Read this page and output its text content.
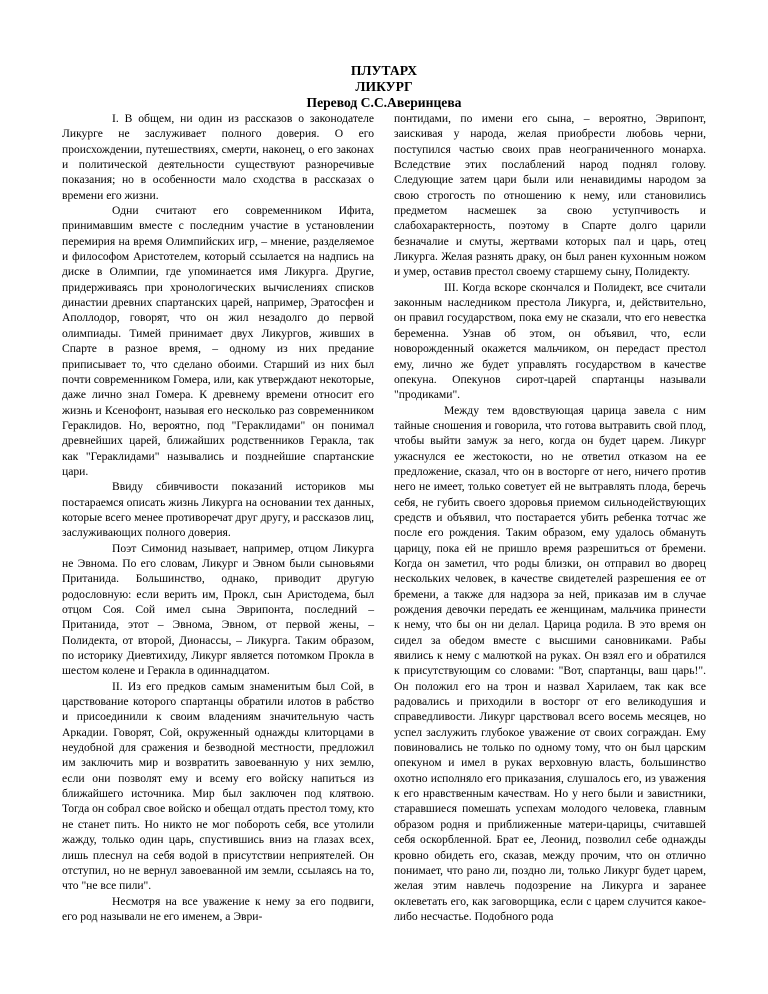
ПЛУТАРХ
ЛИКУРГ
Перевод С.С.Аверинцева

I. В общем, ни один из рассказов о законодателе Ликурге не заслуживает полного доверия. О его происхождении, путешествиях, смерти, наконец, о его законах и политической деятельности существуют разноречивые показания; но в особенности мало сходства в рассказах о времени его жизни.

Одни считают его современником Ифита, принимавшим вместе с последним участие в установлении перемирия на время Олимпийских игр, – мнение, разделяемое и философом Аристотелем, который ссылается на надпись на диске в Олимпии, где упоминается имя Ликурга. Другие, придерживаясь при хронологических вычислениях списков династии древних спартанских царей, например, Эратосфен и Аполлодор, говорят, что он жил незадолго до первой олимпиады. Тимей принимает двух Ликургов, живших в Спарте в разное время, – одному из них предание приписывает то, что сделано обоими. Старший из них был почти современником Гомера, или, как утверждают некоторые, даже лично знал Гомера. К древнему времени относит его жизнь и Ксенофонт, называя его несколько раз современником Гераклидов. Но, вероятно, под "Гераклидами" он понимал древнейших царей, ближайших родственников Геракла, так как "Гераклидами" назывались и позднейшие спартанские цари.

Ввиду сбивчивости показаний историков мы постараемся описать жизнь Ликурга на основании тех данных, которые всего менее противоречат друг другу, и рассказов лиц, заслуживающих полного доверия.

Поэт Симонид называет, например, отцом Ликурга не Эвнома. По его словам, Ликург и Эвном были сыновьями Пританида. Большинство, однако, приводит другую родословную: если верить им, Прокл, сын Аристодема, был отцом Соя. Сой имел сына Эврипонта, последний – Пританида, этот – Эвнома, Эвном, от первой жены, – Полидекта, от второй, Дионассы, – Ликурга. Таким образом, по историку Диевтихиду, Ликург является потомком Прокла в шестом колене и Геракла в одиннадцатом.

II. Из его предков самым знаменитым был Сой, в царствование которого спартанцы обратили илотов в рабство и присоединили к своим владениям значительную часть Аркадии. Говорят, Сой, окруженный однажды клиторцами в неудобной для сражения и безводной местности, предложил им заключить мир и возвратить завоеванную у них землю, если они позволят ему и всему его войску напиться из ближайшего источника. Мир был заключен под клятвою. Тогда он собрал свое войско и обещал отдать престол тому, кто не станет пить. Но никто не мог побороть себя, все утолили жажду, только один царь, спустившись вниз на глазах всех, лишь плеснул на себя водой в присутствии неприятелей. Он отступил, но не вернул завоеванной им земли, ссылаясь на то, что "не все пили".

Несмотря на все уважение к нему за его подвиги, его род называли не его именем, а Эври-

понтидами, по имени его сына, – вероятно, Эврипонт, заискивая у народа, желая приобрести любовь черни, поступился частью своих прав неограниченного монарха. Вследствие этих послаблений народ поднял голову. Следующие затем цари были или ненавидимы народом за свою строгость по отношению к нему, или становились предметом насмешек за свою уступчивость и слабохарактерность, поэтому в Спарте долго царили безначалие и смуты, жертвами которых пал и царь, отец Ликурга. Желая разнять драку, он был ранен кухонным ножом и умер, оставив престол своему старшему сыну, Полидекту.

III. Когда вскоре скончался и Полидект, все считали законным наследником престола Ликурга, и, действительно, он правил государством, пока ему не сказали, что его невестка беременна. Узнав об этом, он объявил, что, если новорожденный окажется мальчиком, он передаст престол ему, лично же будет управлять государством в качестве опекуна. Опекунов сирот-царей спартанцы называли "продиками".

Между тем вдовствующая царица завела с ним тайные сношения и говорила, что готова вытравить свой плод, чтобы выйти замуж за него, когда он будет царем. Ликург ужаснулся ее жестокости, но не ответил отказом на ее предложение, сказал, что он в восторге от него, ничего против него не имеет, только советует ей не вытравлять плода, беречь себя, не губить своего здоровья приемом сильнодействующих средств и объявил, что постарается убить ребенка тотчас же после его рождения. Таким образом, ему удалось обмануть царицу, пока ей не пришло время разрешиться от бремени. Когда он заметил, что роды близки, он отправил во дворец нескольких человек, в качестве свидетелей разрешения ее от бремени, а также для надзора за ней, приказав им в случае рождения девочки передать ее женщинам, мальчика принести к нему, что бы он ни делал. Царица родила. В это время он сидел за обедом вместе с высшими сановниками. Рабы явились к нему с малюткой на руках. Он взял его и обратился к присутствующим со словами: "Вот, спартанцы, ваш царь!". Он положил его на трон и назвал Харилаем, так как все радовались и приходили в восторг от его великодушия и справедливости. Ликург царствовал всего восемь месяцев, но успел заслужить глубокое уважение от своих сограждан. Ему повиновались не только по одному тому, что он был царским опекуном и имел в руках верховную власть, большинство охотно исполняло его приказания, слушалось его, из уважения к его нравственным качествам. Но у него были и завистники, старавшиеся помешать успехам молодого человека, главным образом родня и приближенные матери-царицы, считавшей себя оскорбленной. Брат ее, Леонид, позволил себе однажды кровно обидеть его, сказав, между прочим, что он отлично понимает, что рано ли, поздно ли, только Ликург будет царем, желая этим навлечь подозрение на Ликурга и заранее оклеветать его, как заговорщика, если с царем случится какое-либо несчастье. Подобного рода
